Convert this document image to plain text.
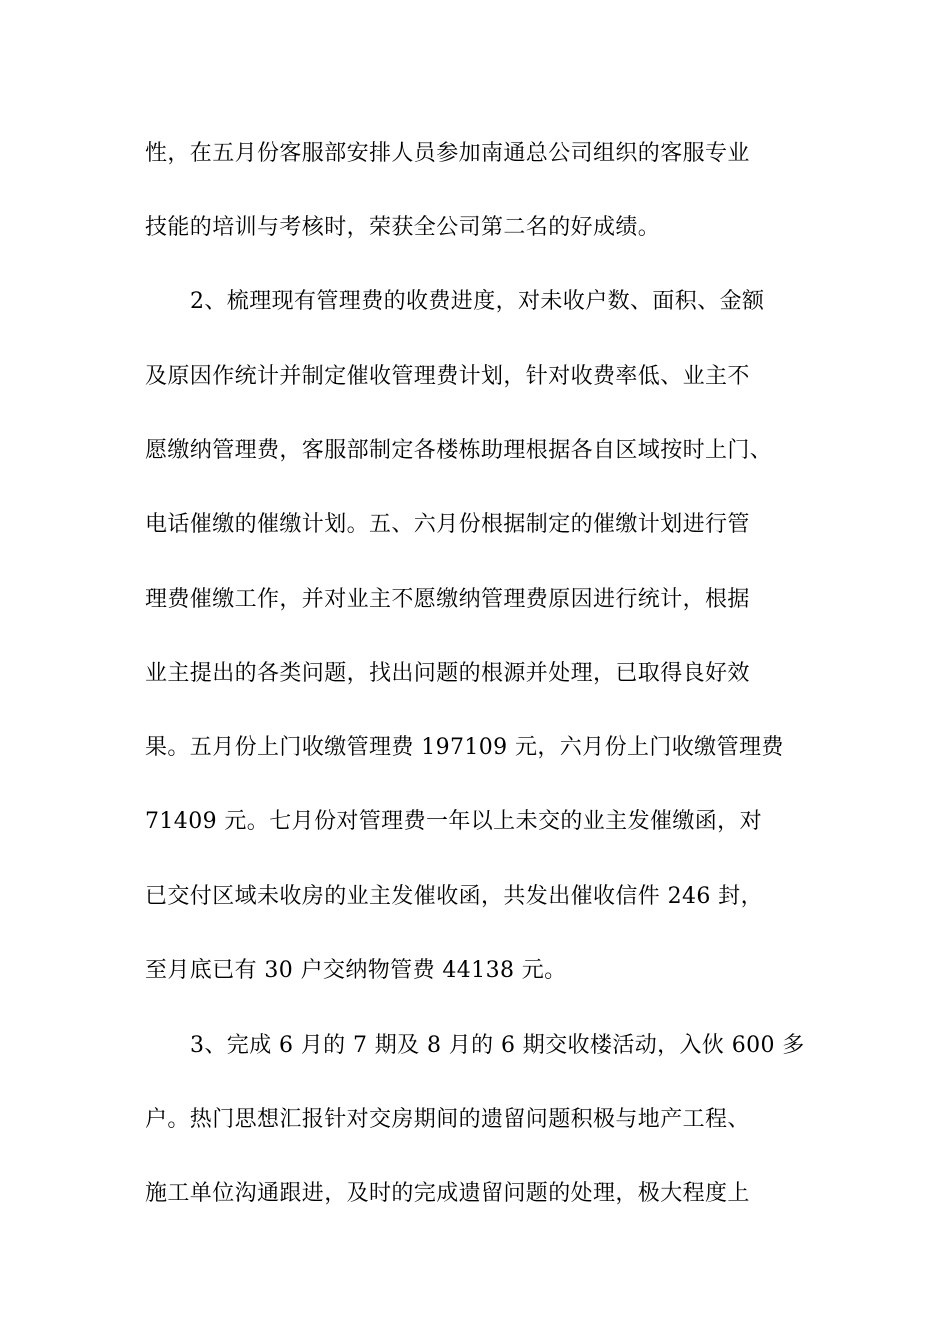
性，在五月份客服部安排人员参加南通总公司组织的客服专业
技能的培训与考核时，荣获全公司第二名的好成绩。
2、梳理现有管理费的收费进度，对未收户数、面积、金额
及原因作统计并制定催收管理费计划，针对收费率低、业主不
愿缴纳管理费，客服部制定各楼栋助理根据各自区域按时上门、
电话催缴的催缴计划。五、六月份根据制定的催缴计划进行管
理费催缴工作，并对业主不愿缴纳管理费原因进行统计，根据
业主提出的各类问题，找出问题的根源并处理，已取得良好效
果。五月份上门收缴管理费 197109 元，六月份上门收缴管理费
71409 元。七月份对管理费一年以上未交的业主发催缴函，对
已交付区域未收房的业主发催收函，共发出催收信件 246 封，
至月底已有 30 户交纳物管费 44138 元。
3、完成 6 月的 7 期及 8 月的 6 期交收楼活动，入伙 600 多
户。热门思想汇报针对交房期间的遗留问题积极与地产工程、
施工单位沟通跟进，及时的完成遗留问题的处理，极大程度上
